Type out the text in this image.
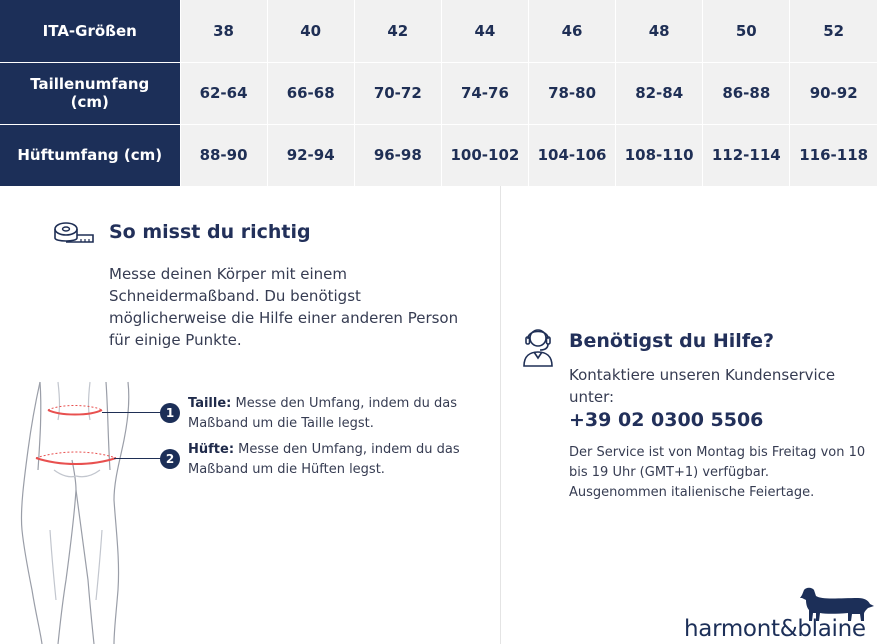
ITA-Größen	38	40	42	44	46	48	50	52
Taillenumfang (cm)	62-64	66-68	70-72	74-76	78-80	82-84	86-88	90-92
Hüftumfang (cm)	88-90	92-94	96-98	100-102	104-106	108-110	112-114	116-118
So misst du richtig
Messe deinen Körper mit einem Schneidermaßband. Du benötigst möglicherweise die Hilfe einer anderen Person für einige Punkte.
1
2
Taille: Messe den Umfang, indem du das Maßband um die Taille legst.
Hüfte: Messe den Umfang, indem du das Maßband um die Hüften legst.
Benötigst du Hilfe?
Kontaktiere unseren Kundenservice unter:
+39 02 0300 5506
Der Service ist von Montag bis Freitag von 10 bis 19 Uhr (GMT+1) verfügbar. Ausgenommen italienische Feiertage.
harmont&blaine
